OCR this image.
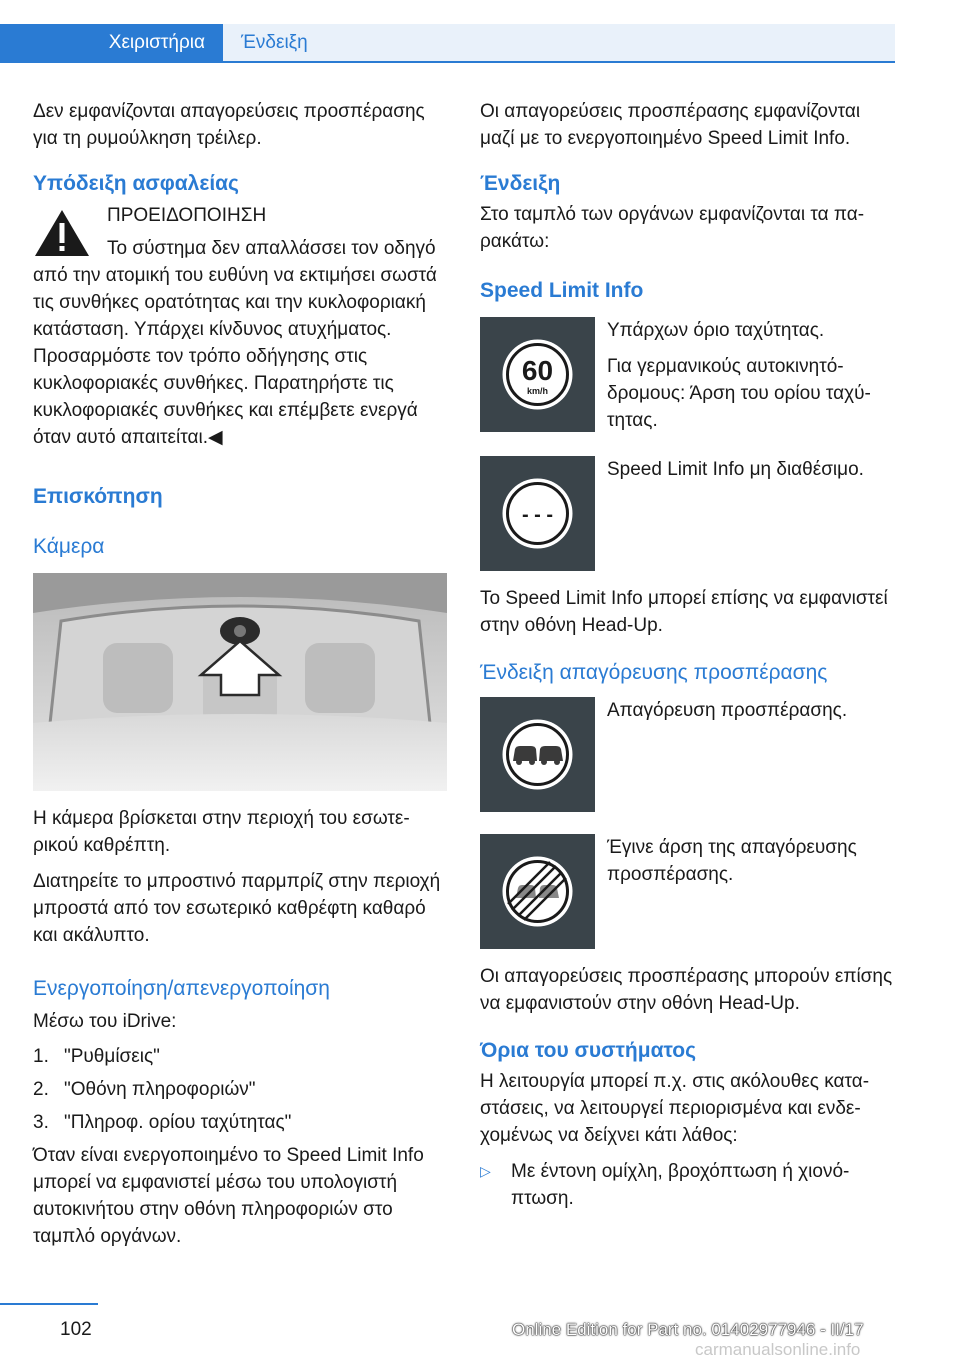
Χειριστήρια	Ένδειξη

Δεν εμφανίζονται απαγορεύσεις προσπέρασης για τη ρυμούλκηση τρέιλερ.

Υπόδειξη ασφαλείας

ΠΡΟΕΙΔΟΠΟΙΗΣΗ

Το σύστημα δεν απαλλάσσει τον οδηγό

από την ατομική του ευθύνη να εκτιμήσει σωστά τις συνθήκες ορατότητας και την κυκλοφοριακή κατάσταση. Υπάρχει κίνδυνος ατυχήματος. Προσαρμόστε τον τρόπο οδήγησης στις κυκλοφοριακές συνθήκες. Παρατηρήστε τις κυκλοφοριακές συνθήκες και επέμβετε ενεργά όταν αυτό απαιτείται.◀

Επισκόπηση
Κάμερα

Η κάμερα βρίσκεται στην περιοχή του εσωτερικού καθρέπτη.

Διατηρείτε το μπροστινό παρμπρίζ στην περιοχή μπροστά από τον εσωτερικό καθρέφτη καθαρό και ακάλυπτο.

Ενεργοποίηση/απενεργοποίηση

Μέσω του iDrive:

1. "Ρυθμίσεις"
2. "Οθόνη πληροφοριών"
3. "Πληροφ. ορίου ταχύτητας"

Όταν είναι ενεργοποιημένο το Speed Limit Info μπορεί να εμφανιστεί μέσω του υπολογιστή αυτοκινήτου στην οθόνη πληροφοριών στο ταμπλό οργάνων.

Οι απαγορεύσεις προσπέρασης εμφανίζονται μαζί με το ενεργοποιημένο Speed Limit Info.

Ένδειξη

Στο ταμπλό των οργάνων εμφανίζονται τα παρακάτω:

Speed Limit Info
60
km/h

Υπάρχων όριο ταχύτητας.

Για γερμανικούς αυτοκινητόδρομους: Άρση του ορίου ταχύτητας.

- - -

Speed Limit Info μη διαθέσιμο.

Το Speed Limit Info μπορεί επίσης να εμφανιστεί στην οθόνη Head-Up.

Ένδειξη απαγόρευσης προσπέρασης

Απαγόρευση προσπέρασης.

Έγινε άρση της απαγόρευσης προσπέρασης.

Οι απαγορεύσεις προσπέρασης μπορούν επίσης να εμφανιστούν στην οθόνη Head-Up.

Όρια του συστήματος

Η λειτουργία μπορεί π.χ. στις ακόλουθες καταστάσεις, να λειτουργεί περιορισμένα και ενδεχομένως να δείχνει κάτι λάθος:

▷ Με έντονη ομίχλη, βροχόπτωση ή χιονόπτωση.
102	Online Edition for Part no. 01402977946 - II/17
carmanualsonline.info
